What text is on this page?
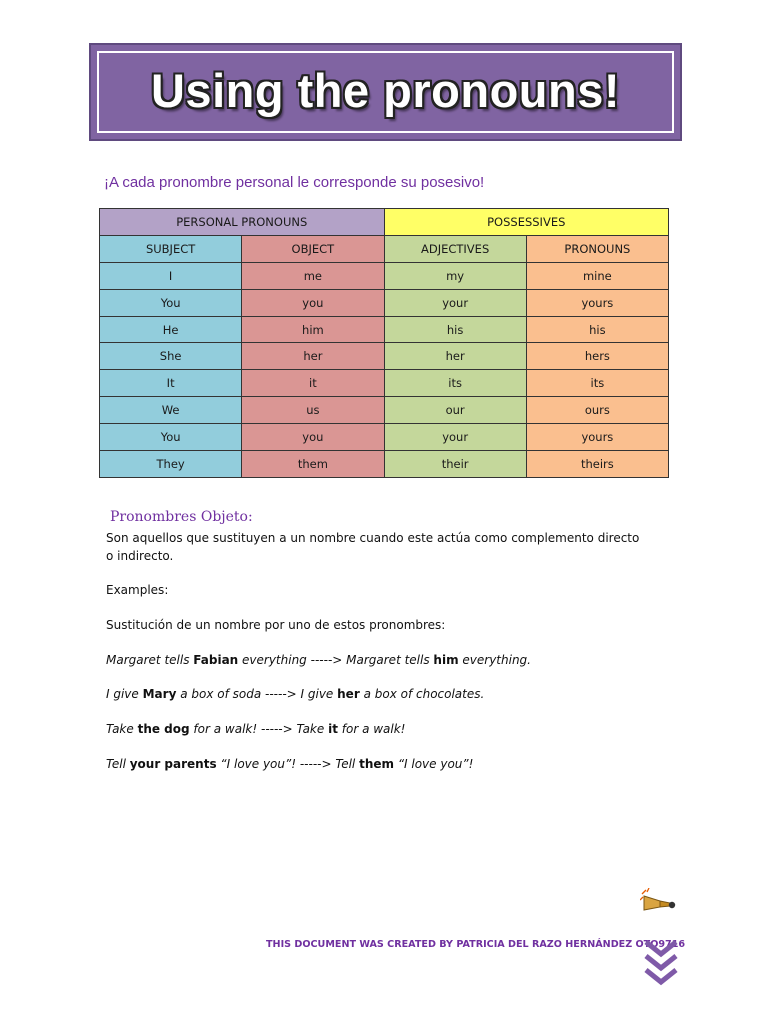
Using the pronouns!
¡A cada pronombre personal le corresponde su posesivo!
PERSONAL PRONOUNS		POSSESSIVES	
SUBJECT	OBJECT	ADJECTIVES	PRONOUNS
I	me	my	mine
You	you	your	yours
He	him	his	his
She	her	her	hers
It	it	its	its
We	us	our	ours
You	you	your	yours
They	them	their	theirs
Pronombres Objeto:
Son aquellos que sustituyen a un nombre cuando este actúa como complemento directo o indirecto.
Examples:
Sustitución de un nombre por uno de estos pronombres:
Margaret tells Fabian everything -----> Margaret tells him everything.
I give Mary a box of soda -----> I give her a box of chocolates.
Take the dog for a walk! -----> Take it for a walk!
Tell your parents “I love you”! -----> Tell them “I love you”!
THIS DOCUMENT WAS CREATED BY PATRICIA DEL RAZO HERNÁNDEZ OTO9716
